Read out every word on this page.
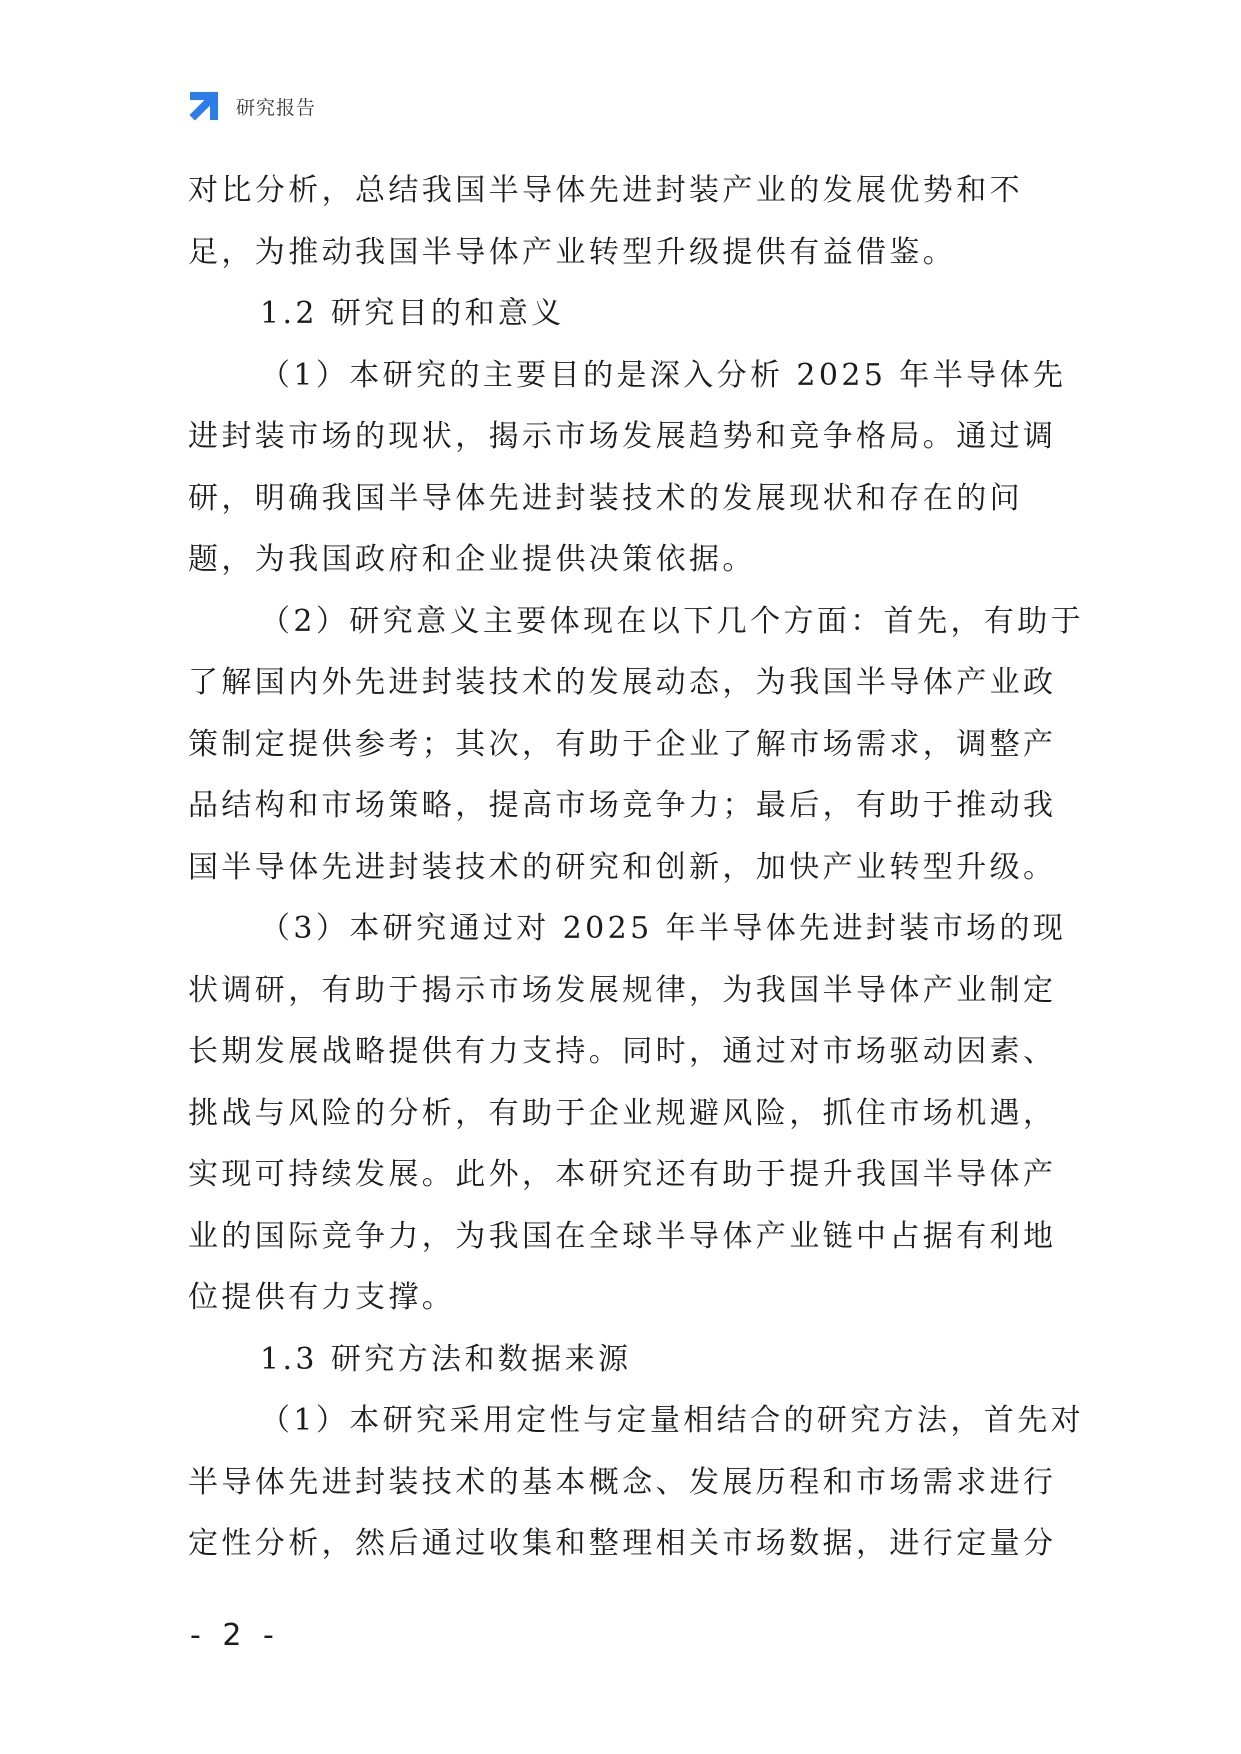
研究报告

对比分析，总结我国半导体先进封装产业的发展优势和不足，为推动我国半导体产业转型升级提供有益借鉴。

1.2 研究目的和意义

（1）本研究的主要目的是深入分析 2025 年半导体先进封装市场的现状，揭示市场发展趋势和竞争格局。通过调研，明确我国半导体先进封装技术的发展现状和存在的问题，为我国政府和企业提供决策依据。

（2）研究意义主要体现在以下几个方面：首先，有助于了解国内外先进封装技术的发展动态，为我国半导体产业政策制定提供参考；其次，有助于企业了解市场需求，调整产品结构和市场策略，提高市场竞争力；最后，有助于推动我国半导体先进封装技术的研究和创新，加快产业转型升级。

（3）本研究通过对 2025 年半导体先进封装市场的现状调研，有助于揭示市场发展规律，为我国半导体产业制定长期发展战略提供有力支持。同时，通过对市场驱动因素、挑战与风险的分析，有助于企业规避风险，抓住市场机遇，实现可持续发展。此外，本研究还有助于提升我国半导体产业的国际竞争力，为我国在全球半导体产业链中占据有利地位提供有力支撑。

1.3 研究方法和数据来源

（1）本研究采用定性与定量相结合的研究方法，首先对半导体先进封装技术的基本概念、发展历程和市场需求进行定性分析，然后通过收集和整理相关市场数据，进行定量分

- 2 -
